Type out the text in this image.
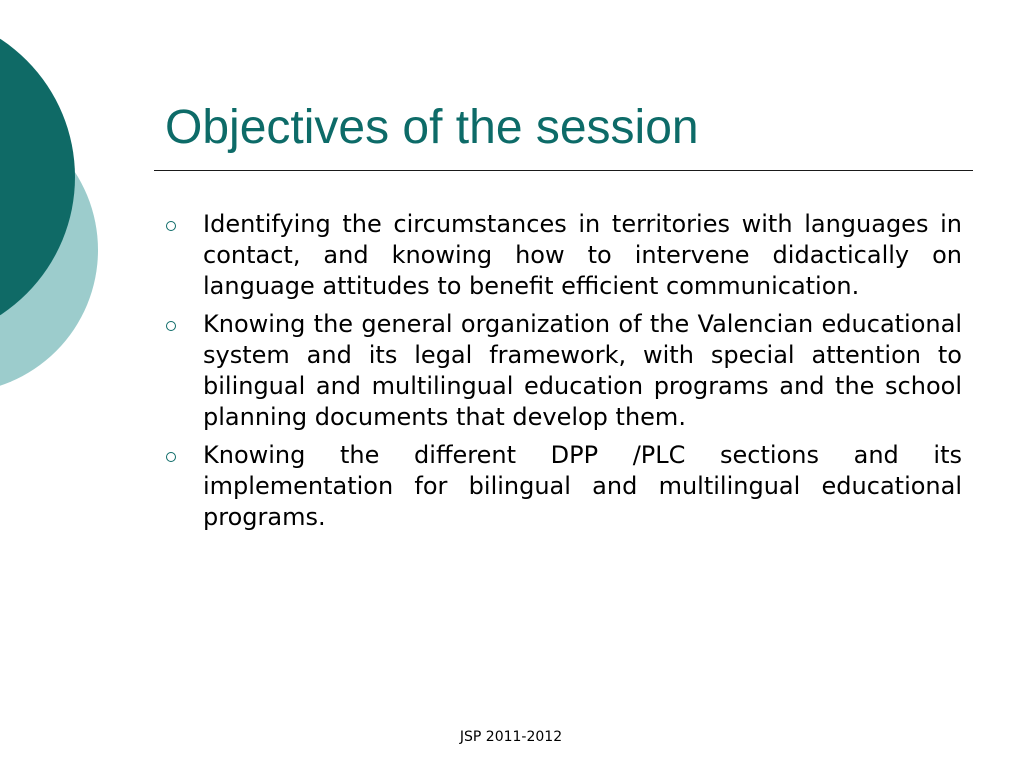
Objectives of the session
Identifying the circumstances in territories with languages in contact, and knowing how to intervene didactically on language attitudes to benefit efficient communication.
Knowing the general organization of the Valencian educational system and its legal framework, with special attention to bilingual and multilingual education programs and the school planning documents that develop them.
Knowing the different DPP /PLC sections and its implementation for bilingual and multilingual educational programs.
JSP 2011-2012
